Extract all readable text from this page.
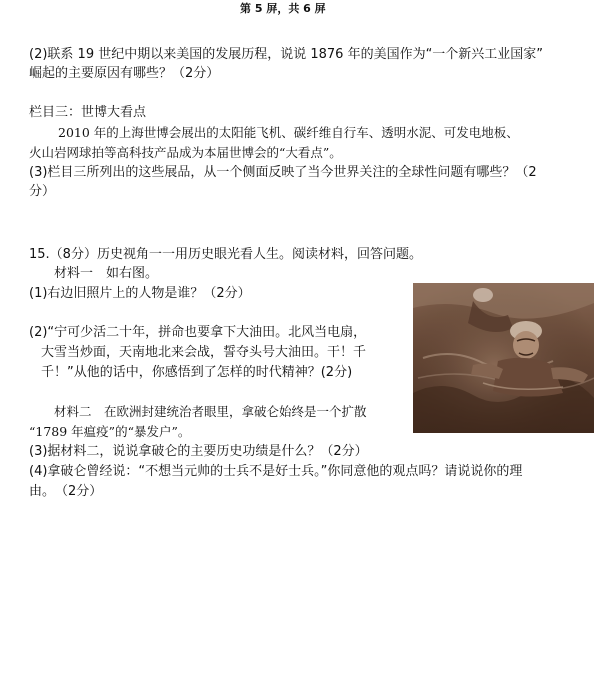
第 5 屏，共 6 屏
(2)联系 19 世纪中期以来美国的发展历程，说说 1876 年的美国作为“一个新兴工业国家”
崛起的主要原因有哪些？（2分）
栏目三：世博大看点
2010 年的上海世博会展出的太阳能飞机、碳纤维自行车、透明水泥、可发电地板、
火山岩网球拍等高科技产品成为本届世博会的“大看点”。
(3)栏目三所列出的这些展品，从一个侧面反映了当今世界关注的全球性问题有哪些？（2
分）
15.（8分）历史视角一一用历史眼光看人生。阅读材料，回答问题。
材料一　如右图。
(1)右边旧照片上的人物是谁？（2分）
(2)“宁可少活二十年，拼命也要拿下大油田。北风当电扇，
大雪当炒面，天南地北来会战，誓夺头号大油田。干！千
千！”从他的话中，你感悟到了怎样的时代精神？(2分)
材料二　在欧洲封建统治者眼里，拿破仑始终是一个扩散
“1789 年瘟疫”的“暴发户”。
(3)据材料二，说说拿破仑的主要历史功绩是什么？（2分）
(4)拿破仑曾经说：“不想当元帅的士兵不是好士兵。”你同意他的观点吗？请说说你的理
由。　（2分）
